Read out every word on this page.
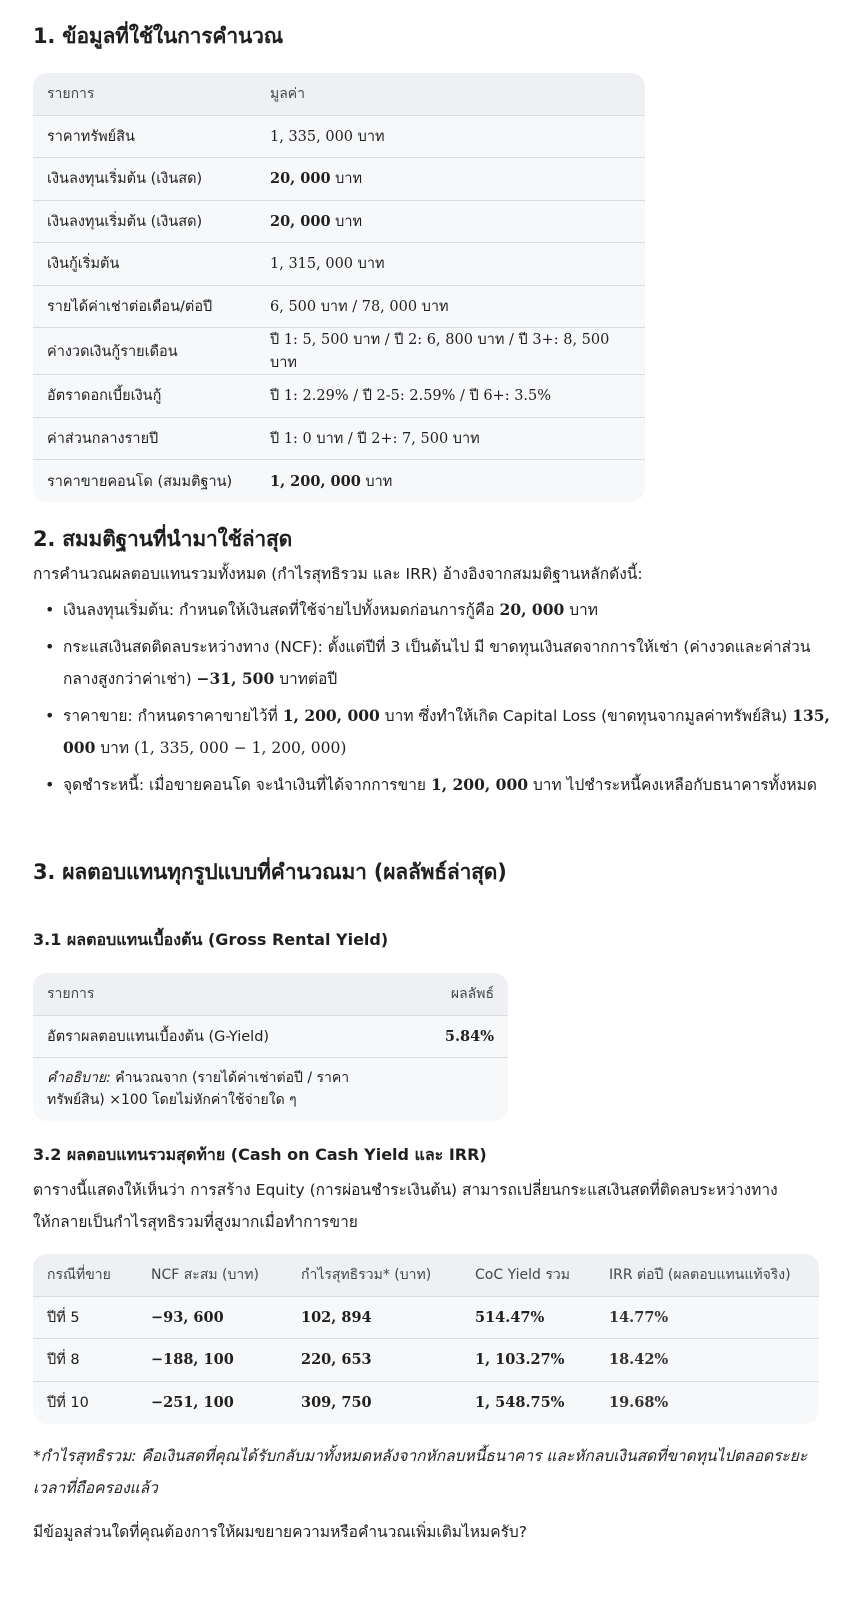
1. ข้อมูลที่ใช้ในการคำนวณ
รายการ	มูลค่า
ราคาทรัพย์สิน	1, 335, 000 บาท
เงินลงทุนเริ่มต้น (เงินสด)	20, 000 บาท
เงินลงทุนเริ่มต้น (เงินสด)	20, 000 บาท
เงินกู้เริ่มต้น	1, 315, 000 บาท
รายได้ค่าเช่าต่อเดือน/ต่อปี	6, 500 บาท / 78, 000 บาท
ค่างวดเงินกู้รายเดือน	ปี 1: 5, 500 บาท / ปี 2: 6, 800 บาท / ปี 3+: 8, 500 บาท
อัตราดอกเบี้ยเงินกู้	ปี 1: 2.29% / ปี 2-5: 2.59% / ปี 6+: 3.5%
ค่าส่วนกลางรายปี	ปี 1: 0 บาท / ปี 2+: 7, 500 บาท
ราคาขายคอนโด (สมมติฐาน)	1, 200, 000 บาท
2. สมมติฐานที่นำมาใช้ล่าสุด
การคำนวณผลตอบแทนรวมทั้งหมด (กำไรสุทธิรวม และ IRR) อ้างอิงจากสมมติฐานหลักดังนี้:
• เงินลงทุนเริ่มต้น: กำหนดให้เงินสดที่ใช้จ่ายไปทั้งหมดก่อนการกู้คือ 20, 000 บาท
• กระแสเงินสดติดลบระหว่างทาง (NCF): ตั้งแต่ปีที่ 3 เป็นต้นไป มี ขาดทุนเงินสดจากการให้เช่า (ค่างวดและค่าส่วนกลางสูงกว่าค่าเช่า) −31, 500 บาทต่อปี
• ราคาขาย: กำหนดราคาขายไว้ที่ 1, 200, 000 บาท ซึ่งทำให้เกิด Capital Loss (ขาดทุนจากมูลค่าทรัพย์สิน) 135, 000 บาท (1, 335, 000 − 1, 200, 000)
• จุดชำระหนี้: เมื่อขายคอนโด จะนำเงินที่ได้จากการขาย 1, 200, 000 บาท ไปชำระหนี้คงเหลือกับธนาคารทั้งหมด
3. ผลตอบแทนทุกรูปแบบที่คำนวณมา (ผลลัพธ์ล่าสุด)
3.1 ผลตอบแทนเบื้องต้น (Gross Rental Yield)
รายการ	ผลลัพธ์
อัตราผลตอบแทนเบื้องต้น (G-Yield)	5.84%
คำอธิบาย: คำนวณจาก (รายได้ค่าเช่าต่อปี / ราคาทรัพย์สิน) ×100 โดยไม่หักค่าใช้จ่ายใด ๆ	
3.2 ผลตอบแทนรวมสุดท้าย (Cash on Cash Yield และ IRR)
ตารางนี้แสดงให้เห็นว่า การสร้าง Equity (การผ่อนชำระเงินต้น) สามารถเปลี่ยนกระแสเงินสดที่ติดลบระหว่างทาง ให้กลายเป็นกำไรสุทธิรวมที่สูงมากเมื่อทำการขาย
กรณีที่ขาย	NCF สะสม (บาท)	กำไรสุทธิรวม* (บาท)	CoC Yield รวม	IRR ต่อปี (ผลตอบแทนแท้จริง)
ปีที่ 5	−93, 600	102, 894	514.47%	14.77%
ปีที่ 8	−188, 100	220, 653	1, 103.27%	18.42%
ปีที่ 10	−251, 100	309, 750	1, 548.75%	19.68%
*กำไรสุทธิรวม: คือเงินสดที่คุณได้รับกลับมาทั้งหมดหลังจากหักลบหนี้ธนาคาร และหักลบเงินสดที่ขาดทุนไปตลอดระยะเวลาที่ถือครองแล้ว
มีข้อมูลส่วนใดที่คุณต้องการให้ผมขยายความหรือคำนวณเพิ่มเติมไหมครับ?
